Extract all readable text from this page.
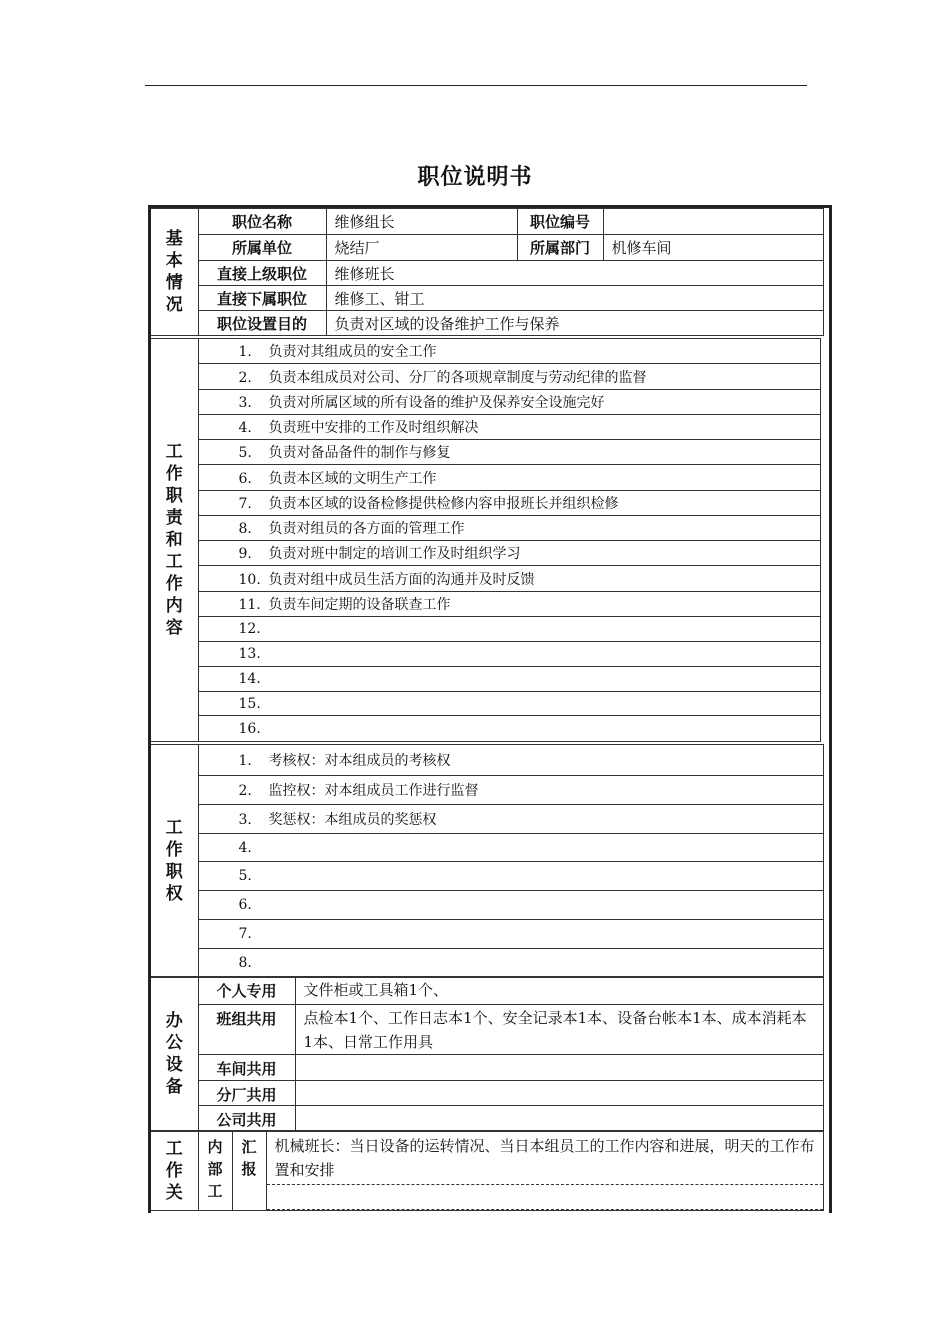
职位说明书
基本情况	职位名称	维修组长	职位编号	
	所属单位	烧结厂	所属部门	机修车间
	直接上级职位	维修班长		
	直接下属职位	维修工、钳工		
	职位设置目的	负责对区域的设备维护工作与保养		
工作职责和工作内容	1. 负责对其组成员的安全工作
2. 负责本组成员对公司、分厂的各项规章制度与劳动纪律的监督
3. 负责对所属区域的所有设备的维护及保养安全设施完好
4. 负责班中安排的工作及时组织解决
5. 负责对备品备件的制作与修复
6. 负责本区域的文明生产工作
7. 负责本区域的设备检修提供检修内容申报班长并组织检修
8. 负责对组员的各方面的管理工作
9. 负责对班中制定的培训工作及时组织学习
10. 负责对组中成员生活方面的沟通并及时反馈
11. 负责车间定期的设备联查工作
12.
13.
14.
15.
16.
工作职权	1. 考核权：对本组成员的考核权
2. 监控权：对本组成员工作进行监督
3. 奖惩权：本组成员的奖惩权
4.
5.
6.
7.
8.
办公设备	个人专用	文件柜或工具箱1个、
	班组共用	点检本1个、工作日志本1个、安全记录本1本、设备台帐本1本、成本消耗本1本、日常工作用具
	车间共用	
	分厂共用	
	公司共用	
工作关	内部工	汇报	机械班长：当日设备的运转情况、当日本组员工的工作内容和进展，明天的工作布置和安排
